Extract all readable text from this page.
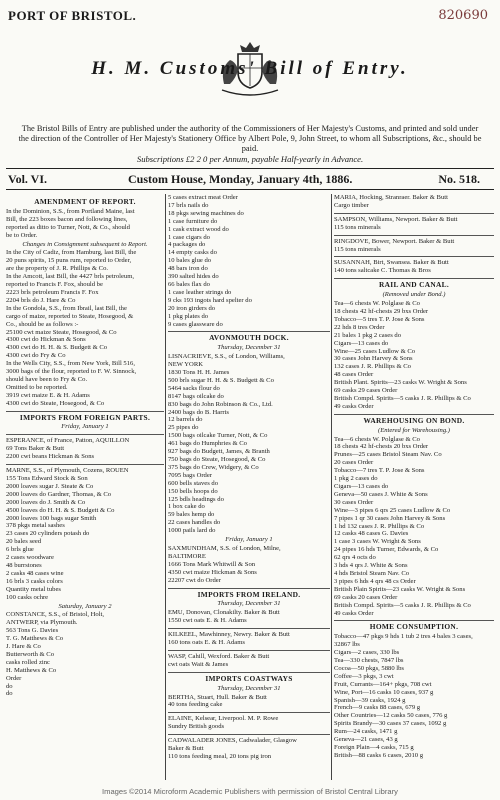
PORT OF BRISTOL.	820690
H. M. Customs' Bill of Entry.
The Bristol Bills of Entry are published under the authority of the Commissioners of Her Majesty's Customs, and printed and sold under the direction of the Controller of Her Majesty's Stationery Office by Albert Pole, 9, John Street, to whom all Subscriptions, &c., should be paid.
Subscriptions £2 2 0 per Annum, payable Half-yearly in Advance.
Vol. VI.	Custom House, Monday, January 4th, 1886.	No. 518.
AMENDMENT OF REPORT.
In the Dominion, S.S., from Portland Maine, last
Bill, the 223 boxes bacon and following lines,
reported as ditto to Turner, Nott, & Co., should
be to Order.
Changes in Consignment subsequent to Report.
In the City of Cadiz, from Hamburg, last Bill, the
20 puns spirits, 15 puns rum, reported to Order,
are the property of J. R. Phillips & Co.
In the Amcott, last Bill, the 4427 brls petroleum,
reported to Francis F. Fox, should be
2223 brls petroleum Francis F. Fox
2204 brls do J. Hare & Co
In the Gondola, S.S., from Ibrail, last Bill, the
cargo of maize, reported to Steate, Hosegood, &
Co., should be as follows :-
25100 cwt maize Steate, Hosegood, & Co
4300 cwt do Hickman & Sons
4300 cwt do H. H. & S. Budgett & Co
4300 cwt do Fry & Co
In the Wells City, S.S., from New York, Bill 516,
3000 bags of the flour, reported to F. W. Sinnock,
should have been to Fry & Co.
Omitted to be reported.
3919 cwt maize E. & H. Adams
4300 cwt do Steate, Hosegood, & Co
IMPORTS FROM FOREIGN PARTS.
Friday, January 1
ESPERANCE, of France, Patton, AQUILLON
69 Tons Baker & Butt
2200 cwt beans Hickman & Sons
MARNE, S.S., of Plymouth, Cozens, ROUEN
155 Tons Edward Stock & Son
2000 loaves sugar J. Steate & Co
2000 loaves do Gardner, Thomas, & Co
2000 loaves do J. Smith & Co
4500 loaves do H. H. & S. Budgett & Co
2000 loaves 100 bags sugar Smith
378 pkgs metal sashes
23 cases 20 cylinders potash do
20 bales seed
6 brls glue
2 cases woodware
48 burrstones
2 casks 48 cases wine
16 brls 3 casks colors
Quantity metal tubes
100 casks ochre
Saturday, January 2
CONSTANCE, S.S., of Bristol, Holt,
ANTWERP, via Plymouth.
563 Tons G. Davies
T. G. Matthews & Co
J. Hare & Co
Butterworth & Co
casks rolled zinc
H. Matthews & Co
Order
do
do
5 cases extract meat Order
17 brls nails do
18 pkgs sewing machines do
1 case furniture do
1 cask extract wood do
1 case cigars do
4 packages do
14 empty casks do
10 bales glue do
48 bars iron do
390 salted hides do
66 bales flax do
1 case leather strings do
9 cks 193 ingots hard spelter do
20 iron girders do
1 pkg plates do
9 cases glassware do
AVONMOUTH DOCK.
Thursday, December 31
LISNACRIEVE, S.S., of London, Williams,
NEW YORK
1830 Tons H. H. James
500 brls sugar H. H. & S. Budgett & Co
5464 sacks flour do
8147 bags oilcake do
830 bags do John Robinson & Co., Ltd.
2400 bags do B. Harris
12 barrels do
25 pipes do
1500 bags oilcake Turner, Nott, & Co
461 bags do Humphries & Co
927 bags do Budgett, James, & Branth
750 bags do Steate, Hosegood, & Co
375 bags do Crew, Widgery, & Co
7095 bags Order
600 bells staves do
150 bells hoops do
125 bdls headings do
1 box cake do
59 bales hemp do
22 cases handles do
1000 pails lard do
Friday, January 1
SAXMUNDHAM, S.S. of London, Milne,
BALTIMORE
1666 Tons Mark Whitwill & Son
4350 cwt maize Hickman & Sons
22207 cwt do Order
IMPORTS FROM IRELAND.
Thursday, December 31
EMU, Donovan, Clonakilty. Baker & Butt
1550 cwt oats E. & H. Adams
KILKEEL, Mawhinney, Newry. Baker & Butt
160 tons oats E. & H. Adams
WASP, Cahill, Wexford. Baker & Butt
cwt oats Wait & James
IMPORTS COASTWAYS
Thursday, December 31
BERTHA, Stuart, Hull. Baker & Butt
40 tons feeding cake
ELAINE, Kelsear, Liverpool. M. P. Rowe
Sundry British goods
CADWALADER JONES, Cadwalader, Glasgow
Baker & Butt
110 tons feeding meal, 20 tons pig iron
MARIA, Hocking, Stranraer. Baker & Butt
Cargo timber
SAMPSON, Williams, Newport. Baker & Butt
115 tons minerals
RINGDOVE, Bower, Newport. Baker & Butt
115 tons minerals
SUSANNAH, Birt, Swansea. Baker & Butt
140 tons saltcake C. Thomas & Bros
RAIL AND CANAL.
(Removed under Bond.)
Tea—6 chests W. Polglase & Co
18 chests 42 hf-chests 29 bxs Order
Tobacco—5 tres T. P. Jose & Sons
22 hds 8 tres Order
21 bales 1 pkg 2 cases do
Cigars—13 cases do
Wine—25 cases Ludlow & Co
30 cases John Harvey & Sons
132 cases J. R. Phillips & Co
48 cases Order
British Plant. Spirits—23 casks W. Wright & Sons
69 casks 29 cases Order
British Compd. Spirits—5 casks J. R. Phillips & Co
49 casks Order
WAREHOUSING ON BOND.
(Entered for Warehousing.)
Tea—6 chests W. Polglase & Co
18 chests 42 hf-chests 20 bxs Order
Prunes—25 cases Bristol Steam Nav. Co
20 cases Order
Tobacco—7 tres T. P. Jose & Sons
1 pkg 2 cases do
Cigars—13 cases do
Geneva—50 cases J. White & Sons
30 cases Order
Wine—3 pipes 6 qrs 25 cases Ludlow & Co
7 pipes 1 qr 30 cases John Harvey & Sons
1 hd 132 cases J. R. Phillips & Co
12 casks 48 cases G. Davies
1 case 3 cases W. Wright & Sons
24 pipes 16 hds Turner, Edwards, & Co
62 qrs 4 octs do
3 hds 4 qrs J. White & Sons
4 hds Bristol Steam Nav. Co
3 pipes 6 hds 4 qrs 48 cs Order
British Plain Spirits—23 casks W. Wright & Sons
69 casks 20 cases Order
British Compd. Spirits—5 casks J. R. Phillips & Co
49 casks Order
HOME CONSUMPTION.
Tobacco—47 pkgs 9 hds 1 tub 2 tres 4 bales 3 cases,
32867 lbs
Cigars—2 cases, 330 lbs
Tea—330 chests, 7847 lbs
Cocoa—50 pkgs, 5880 lbs
Coffee—3 pkgs, 3 cwt
Fruit, Currants—164+ pkgs, 708 cwt
Wine, Port—16 casks 10 cases, 937 g
Spanish—39 casks, 1924 g
French—9 casks 88 cases, 679 g
Other Countries—12 casks 50 cases, 776 g
Spirits Brandy—30 cases 37 cases, 1092 g
Rum—24 casks, 1471 g
Geneva—21 cases, 43 g
Foreign Plain—4 casks, 715 g
British—88 casks 6 cases, 2010 g
Images ©2014 Microform Academic Publishers with permission of Bristol Central Library
